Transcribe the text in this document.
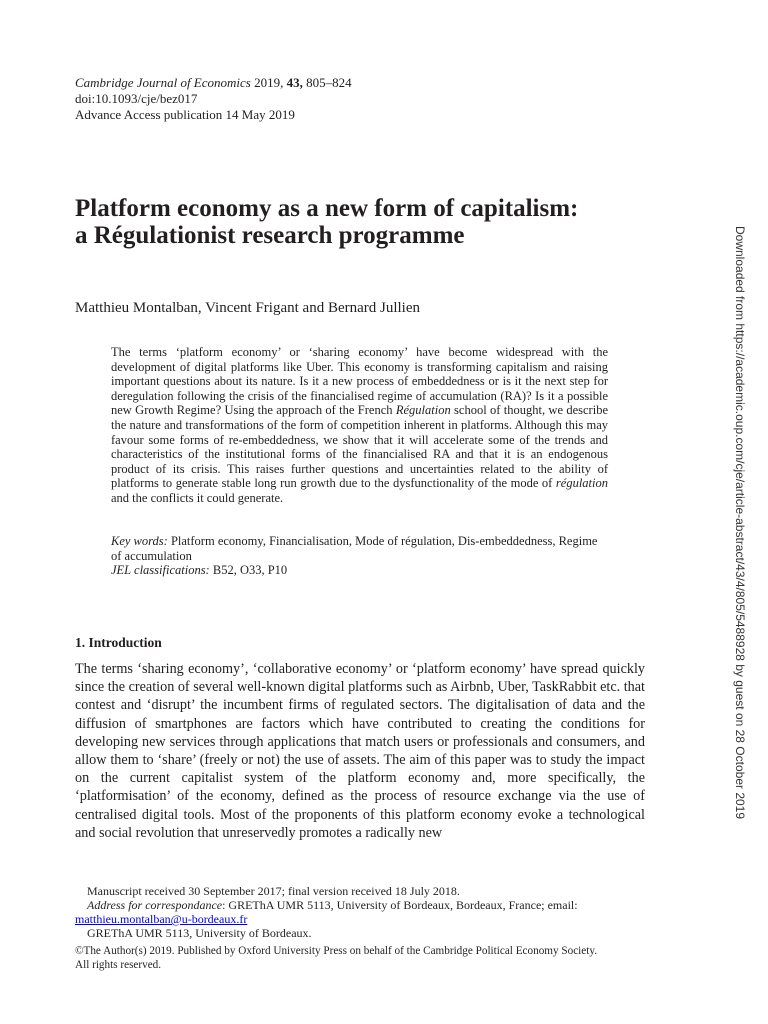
Cambridge Journal of Economics 2019, 43, 805–824
doi:10.1093/cje/bez017
Advance Access publication 14 May 2019
Platform economy as a new form of capitalism: a Régulationist research programme
Matthieu Montalban, Vincent Frigant and Bernard Jullien

The terms ‘platform economy’ or ‘sharing economy’ have become widespread with the development of digital platforms like Uber. This economy is transforming capitalism and raising important questions about its nature. Is it a new process of embeddedness or is it the next step for deregulation following the crisis of the financialised regime of accumulation (RA)? Is it a possible new Growth Regime? Using the approach of the French Régulation school of thought, we describe the nature and transformations of the form of competition inherent in platforms. Although this may favour some forms of re-embeddedness, we show that it will accelerate some of the trends and characteristics of the institutional forms of the financialised RA and that it is an endogenous product of its crisis. This raises further questions and uncertainties related to the ability of platforms to generate stable long run growth due to the dysfunctionality of the mode of régulation and the conflicts it could generate.

Key words: Platform economy, Financialisation, Mode of régulation, Dis-embeddedness, Regime of accumulation
JEL classifications: B52, O33, P10
1. Introduction

The terms ‘sharing economy’, ‘collaborative economy’ or ‘platform economy’ have spread quickly since the creation of several well-known digital platforms such as Airbnb, Uber, TaskRabbit etc. that contest and ‘disrupt’ the incumbent firms of regulated sectors. The digitalisation of data and the diffusion of smartphones are factors which have contributed to creating the conditions for developing new services through applications that match users or professionals and consumers, and allow them to ‘share’ (freely or not) the use of assets. The aim of this paper was to study the impact on the current capitalist system of the platform economy and, more specifically, the ‘platformisation’ of the economy, defined as the process of resource exchange via the use of centralised digital tools. Most of the proponents of this platform economy evoke a technological and social revolution that unreservedly promotes a radically new

Manuscript received 30 September 2017; final version received 18 July 2018.
Address for correspondance: GREThA UMR 5113, University of Bordeaux, Bordeaux, France; email:
matthieu.montalban@u-bordeaux.fr
GREThA UMR 5113, University of Bordeaux.
©The Author(s) 2019. Published by Oxford University Press on behalf of the Cambridge Political Economy Society.
All rights reserved.
Downloaded from https://academic.oup.com/cje/article-abstract/43/4/805/5488928 by guest on 28 October 2019
